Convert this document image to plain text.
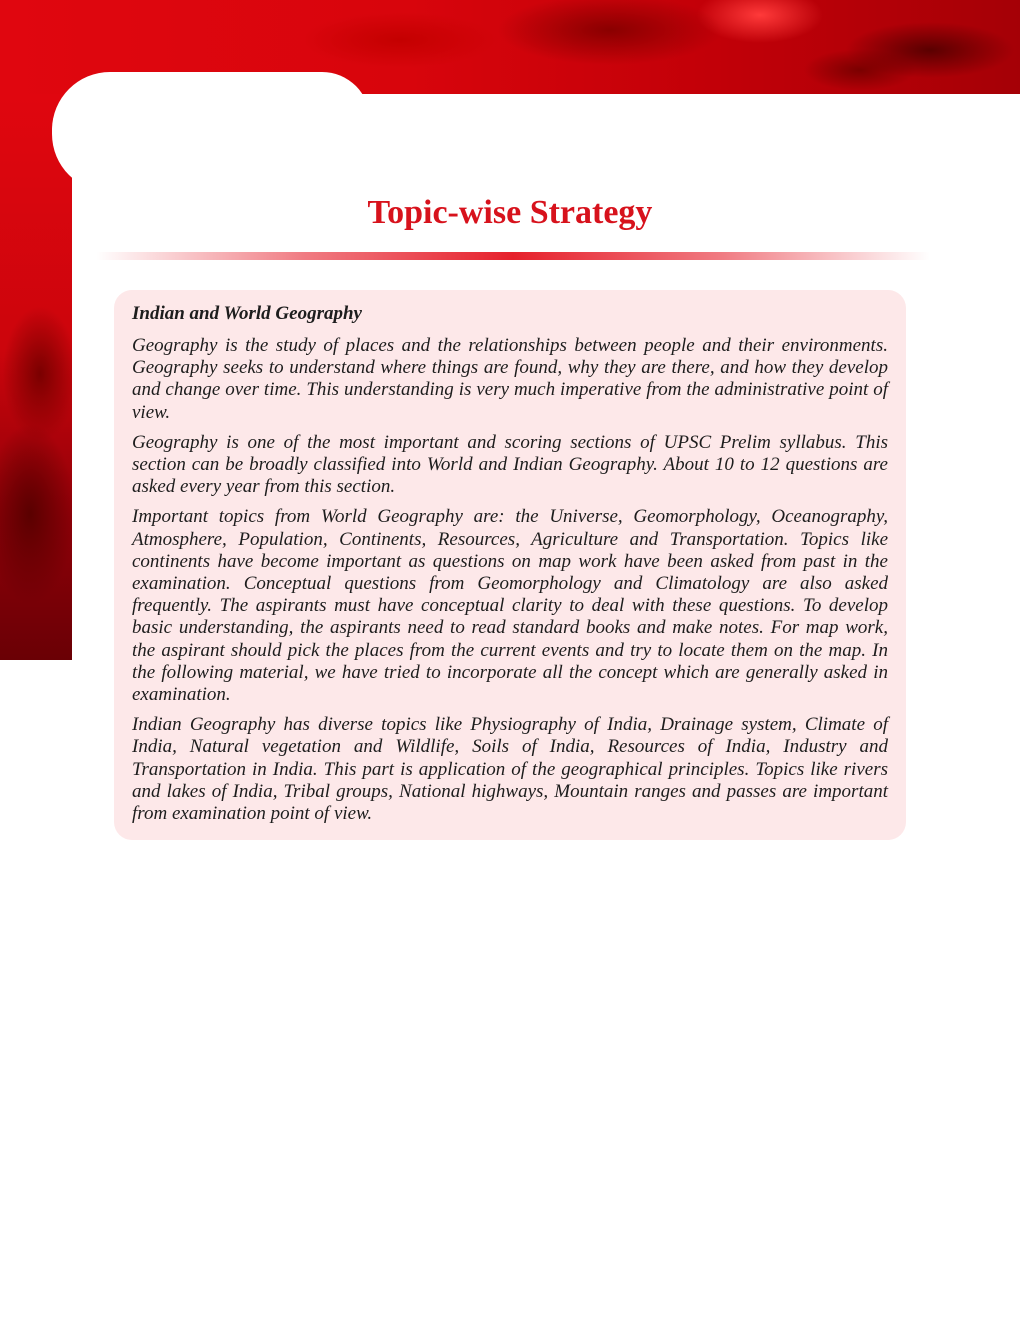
Topic-wise Strategy

Indian and World Geography

Geography is the study of places and the relationships between people and their environments. Geography seeks to understand where things are found, why they are there, and how they develop and change over time. This understanding is very much imperative from the administrative point of view.

Geography is one of the most important and scoring sections of UPSC Prelim syllabus. This section can be broadly classified into World and Indian Geography. About 10 to 12 questions are asked every year from this section.

Important topics from World Geography are: the Universe, Geomorphology, Oceanography, Atmosphere, Population, Continents, Resources, Agriculture and Transportation. Topics like continents have become important as questions on map work have been asked from past in the examination. Conceptual questions from Geomorphology and Climatology are also asked frequently. The aspirants must have conceptual clarity to deal with these questions. To develop basic understanding, the aspirants need to read standard books and make notes. For map work, the aspirant should pick the places from the current events and try to locate them on the map. In the following material, we have tried to incorporate all the concept which are generally asked in examination.

Indian Geography has diverse topics like Physiography of India, Drainage system, Climate of India, Natural vegetation and Wildlife, Soils of India, Resources of India, Industry and Transportation in India. This part is application of the geographical principles. Topics like rivers and lakes of India, Tribal groups, National highways, Mountain ranges and passes are important from examination point of view.
